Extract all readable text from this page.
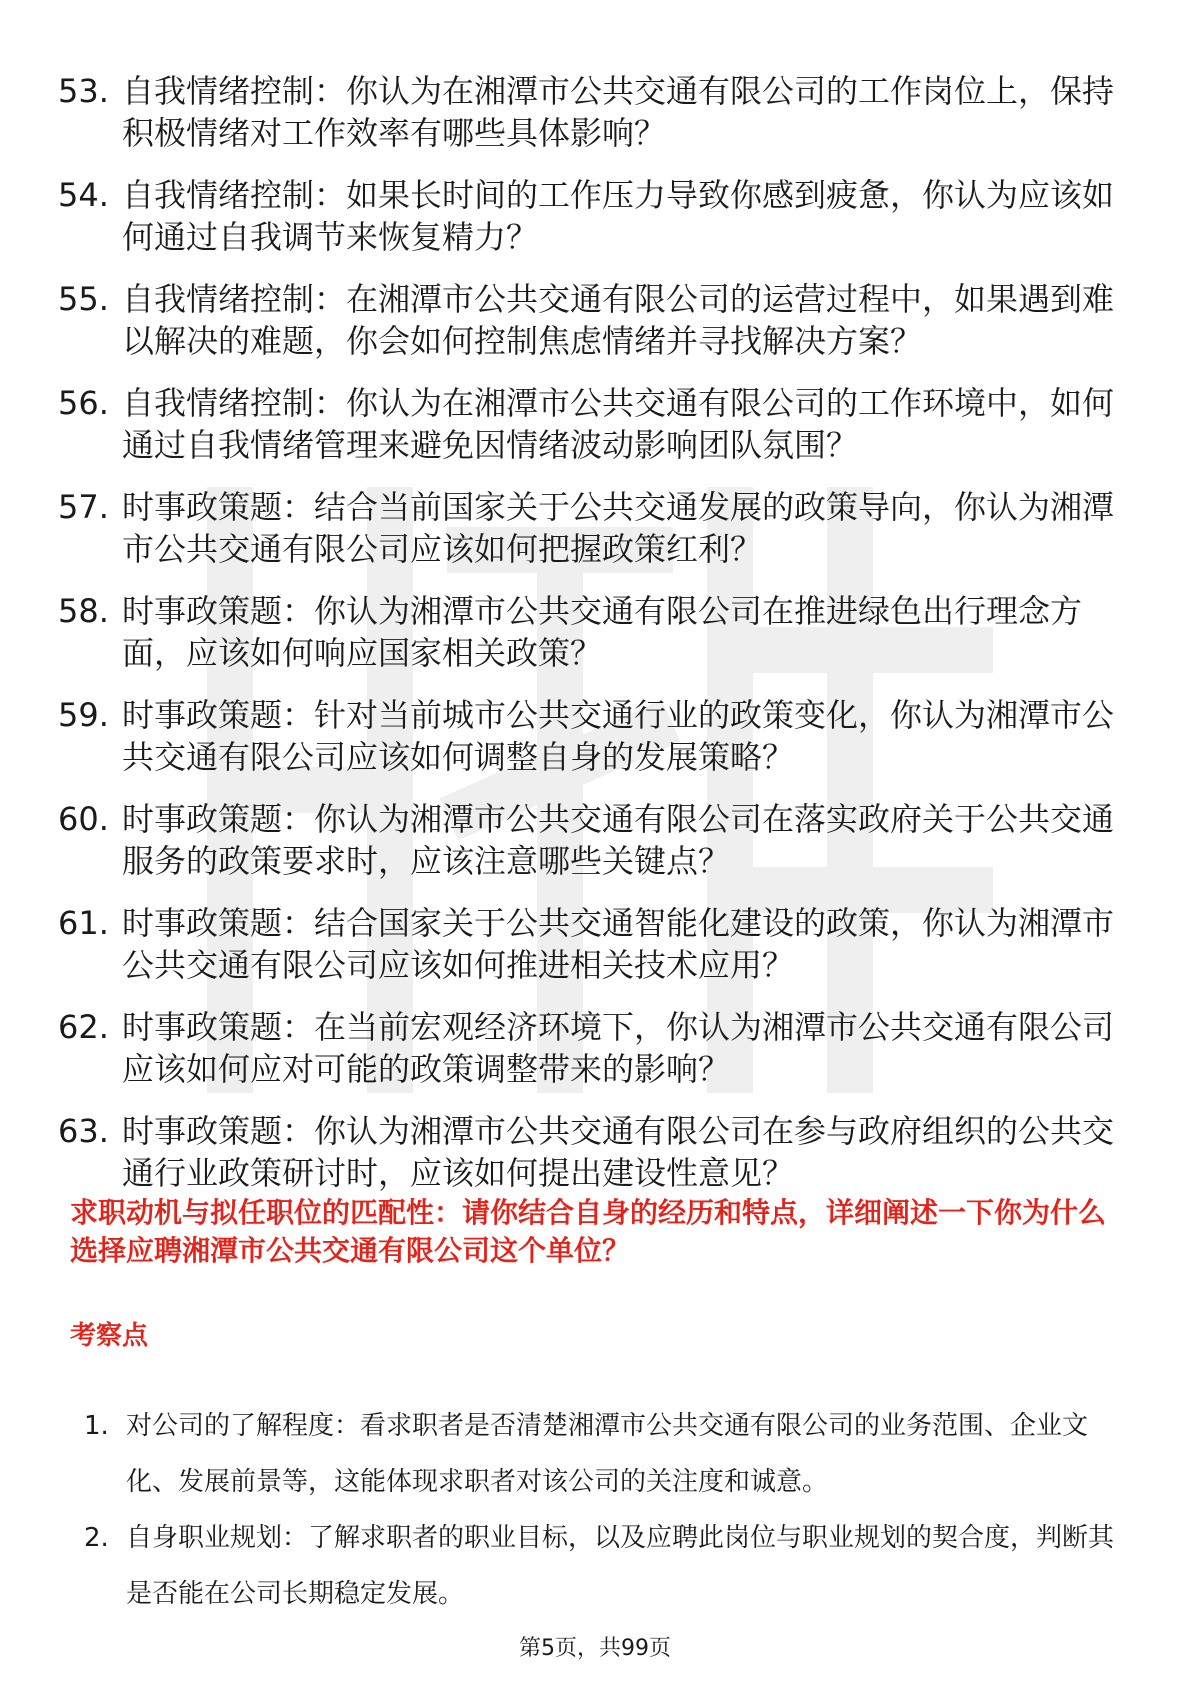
53. 自我情绪控制：你认为在湘潭市公共交通有限公司的工作岗位上，保持积极情绪对工作效率有哪些具体影响？
54. 自我情绪控制：如果长时间的工作压力导致你感到疲惫，你认为应该如何通过自我调节来恢复精力？
55. 自我情绪控制：在湘潭市公共交通有限公司的运营过程中，如果遇到难以解决的难题，你会如何控制焦虑情绪并寻找解决方案？
56. 自我情绪控制：你认为在湘潭市公共交通有限公司的工作环境中，如何通过自我情绪管理来避免因情绪波动影响团队氛围？
57. 时事政策题：结合当前国家关于公共交通发展的政策导向，你认为湘潭市公共交通有限公司应该如何把握政策红利？
58. 时事政策题：你认为湘潭市公共交通有限公司在推进绿色出行理念方面，应该如何响应国家相关政策？
59. 时事政策题：针对当前城市公共交通行业的政策变化，你认为湘潭市公共交通有限公司应该如何调整自身的发展策略？
60. 时事政策题：你认为湘潭市公共交通有限公司在落实政府关于公共交通服务的政策要求时，应该注意哪些关键点？
61. 时事政策题：结合国家关于公共交通智能化建设的政策，你认为湘潭市公共交通有限公司应该如何推进相关技术应用？
62. 时事政策题：在当前宏观经济环境下，你认为湘潭市公共交通有限公司应该如何应对可能的政策调整带来的影响？
63. 时事政策题：你认为湘潭市公共交通有限公司在参与政府组织的公共交通行业政策研讨时，应该如何提出建设性意见？
求职动机与拟任职位的匹配性：请你结合自身的经历和特点，详细阐述一下你为什么选择应聘湘潭市公共交通有限公司这个单位？
考察点
1. 对公司的了解程度：看求职者是否清楚湘潭市公共交通有限公司的业务范围、企业文化、发展前景等，这能体现求职者对该公司的关注度和诚意。
2. 自身职业规划：了解求职者的职业目标，以及应聘此岗位与职业规划的契合度，判断其是否能在公司长期稳定发展。
第5页，共99页
